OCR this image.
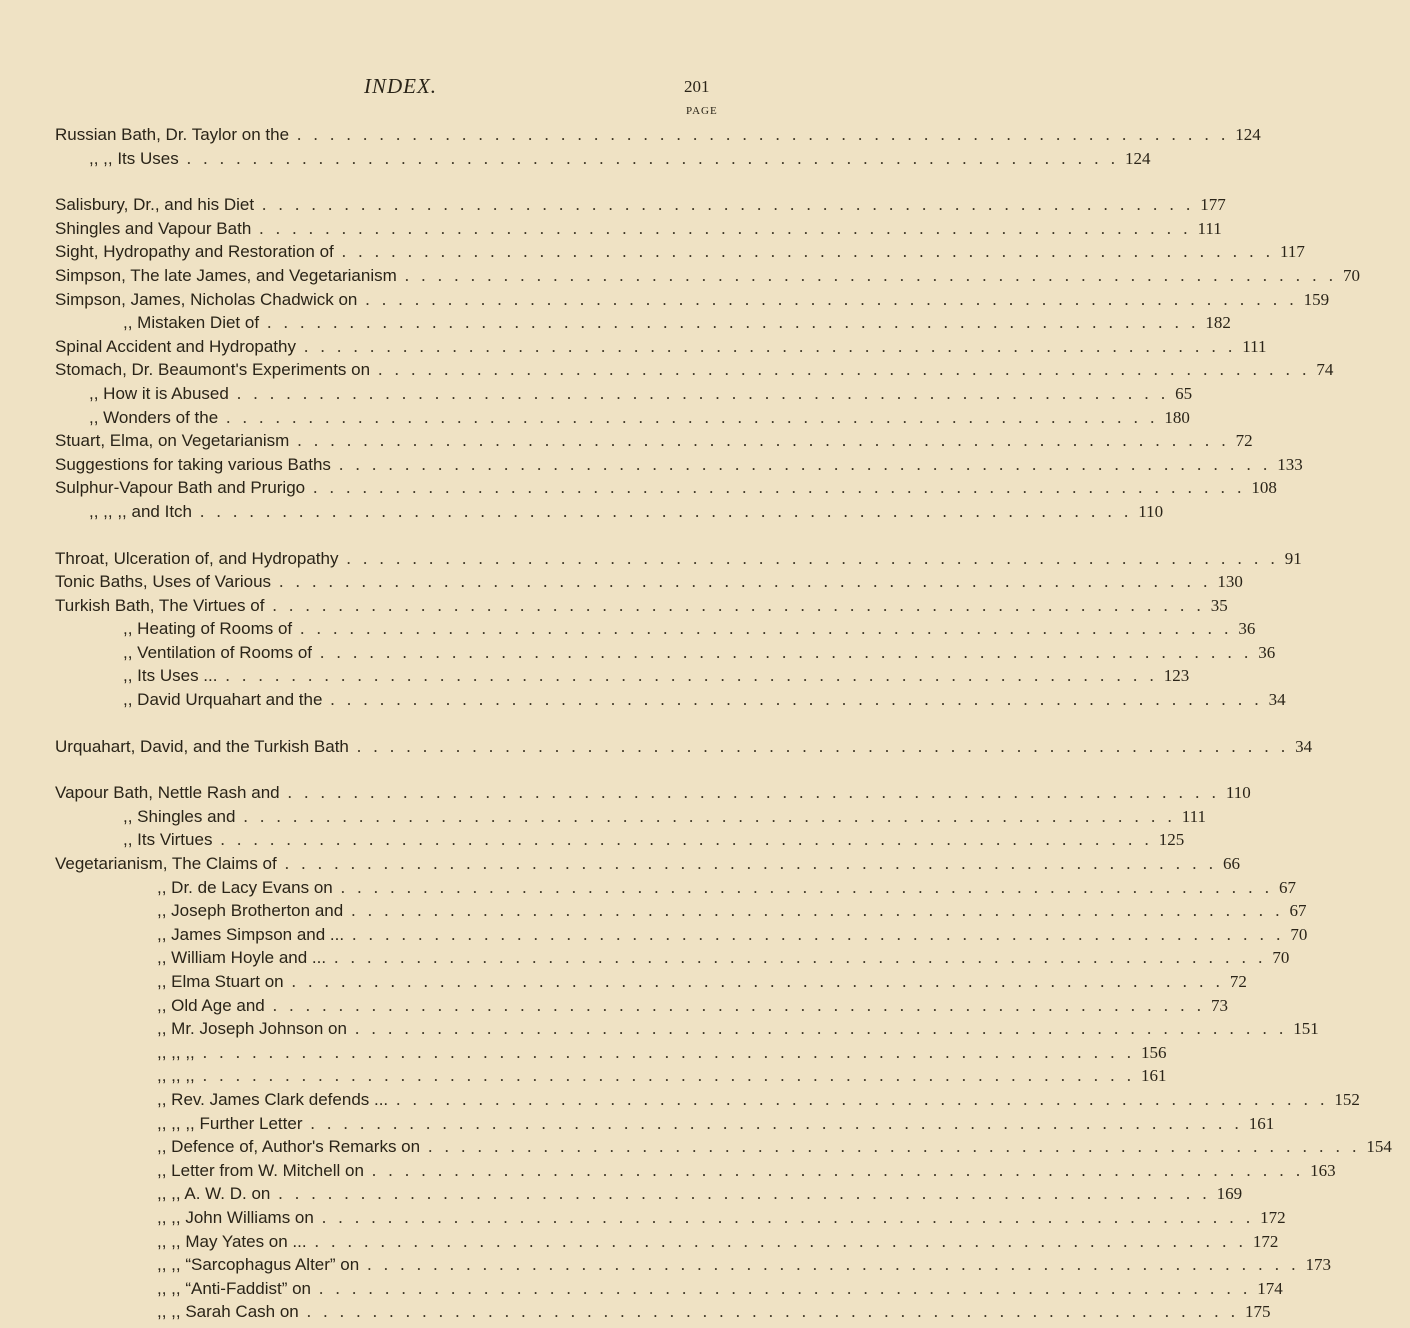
INDEX.	201
PAGE
Russian Bath, Dr. Taylor on the . . . . . . . . . . . . . . . . . . . . . . . . . . . . . . . . . . . . . . . . . . . . . . . . . . . . . . . . . 124
,, ,, Its Uses . . . . . . . . . . . . . . . . . . . . . . . . . . . . . . . . . . . . . . . . . . . . . . . . . . . . . . . . . 124
Salisbury, Dr., and his Diet . . . . . . . . . . . . . . . . . . . . . . . . . . . . . . . . . . . . . . . . . . . . . . . . . . . . . . . . . 177
Shingles and Vapour Bath . . . . . . . . . . . . . . . . . . . . . . . . . . . . . . . . . . . . . . . . . . . . . . . . . . . . . . . . . 111
Sight, Hydropathy and Restoration of . . . . . . . . . . . . . . . . . . . . . . . . . . . . . . . . . . . . . . . . . . . . . . . . . . . . . . . . . 117
Simpson, The late James, and Vegetarianism . . . . . . . . . . . . . . . . . . . . . . . . . . . . . . . . . . . . . . . . . . . . . . . . . . . . . . . . . 70
Simpson, James, Nicholas Chadwick on . . . . . . . . . . . . . . . . . . . . . . . . . . . . . . . . . . . . . . . . . . . . . . . . . . . . . . . . . 159
,, Mistaken Diet of . . . . . . . . . . . . . . . . . . . . . . . . . . . . . . . . . . . . . . . . . . . . . . . . . . . . . . . . . 182
Spinal Accident and Hydropathy . . . . . . . . . . . . . . . . . . . . . . . . . . . . . . . . . . . . . . . . . . . . . . . . . . . . . . . . . 111
Stomach, Dr. Beaumont's Experiments on . . . . . . . . . . . . . . . . . . . . . . . . . . . . . . . . . . . . . . . . . . . . . . . . . . . . . . . . . 74
,, How it is Abused . . . . . . . . . . . . . . . . . . . . . . . . . . . . . . . . . . . . . . . . . . . . . . . . . . . . . . . . . 65
,, Wonders of the . . . . . . . . . . . . . . . . . . . . . . . . . . . . . . . . . . . . . . . . . . . . . . . . . . . . . . . . . 180
Stuart, Elma, on Vegetarianism . . . . . . . . . . . . . . . . . . . . . . . . . . . . . . . . . . . . . . . . . . . . . . . . . . . . . . . . . 72
Suggestions for taking various Baths . . . . . . . . . . . . . . . . . . . . . . . . . . . . . . . . . . . . . . . . . . . . . . . . . . . . . . . . . 133
Sulphur-Vapour Bath and Prurigo . . . . . . . . . . . . . . . . . . . . . . . . . . . . . . . . . . . . . . . . . . . . . . . . . . . . . . . . . 108
,, ,, ,, and Itch . . . . . . . . . . . . . . . . . . . . . . . . . . . . . . . . . . . . . . . . . . . . . . . . . . . . . . . . . 110
Throat, Ulceration of, and Hydropathy . . . . . . . . . . . . . . . . . . . . . . . . . . . . . . . . . . . . . . . . . . . . . . . . . . . . . . . . . 91
Tonic Baths, Uses of Various . . . . . . . . . . . . . . . . . . . . . . . . . . . . . . . . . . . . . . . . . . . . . . . . . . . . . . . . . 130
Turkish Bath, The Virtues of . . . . . . . . . . . . . . . . . . . . . . . . . . . . . . . . . . . . . . . . . . . . . . . . . . . . . . . . . 35
,, Heating of Rooms of . . . . . . . . . . . . . . . . . . . . . . . . . . . . . . . . . . . . . . . . . . . . . . . . . . . . . . . . . 36
,, Ventilation of Rooms of . . . . . . . . . . . . . . . . . . . . . . . . . . . . . . . . . . . . . . . . . . . . . . . . . . . . . . . . . 36
,, Its Uses ... . . . . . . . . . . . . . . . . . . . . . . . . . . . . . . . . . . . . . . . . . . . . . . . . . . . . . . . . . 123
,, David Urquahart and the . . . . . . . . . . . . . . . . . . . . . . . . . . . . . . . . . . . . . . . . . . . . . . . . . . . . . . . . . 34
Urquahart, David, and the Turkish Bath . . . . . . . . . . . . . . . . . . . . . . . . . . . . . . . . . . . . . . . . . . . . . . . . . . . . . . . . . 34
Vapour Bath, Nettle Rash and . . . . . . . . . . . . . . . . . . . . . . . . . . . . . . . . . . . . . . . . . . . . . . . . . . . . . . . . . 110
,, Shingles and . . . . . . . . . . . . . . . . . . . . . . . . . . . . . . . . . . . . . . . . . . . . . . . . . . . . . . . . . 111
,, Its Virtues . . . . . . . . . . . . . . . . . . . . . . . . . . . . . . . . . . . . . . . . . . . . . . . . . . . . . . . . . 125
Vegetarianism, The Claims of . . . . . . . . . . . . . . . . . . . . . . . . . . . . . . . . . . . . . . . . . . . . . . . . . . . . . . . . . 66
,, Dr. de Lacy Evans on . . . . . . . . . . . . . . . . . . . . . . . . . . . . . . . . . . . . . . . . . . . . . . . . . . . . . . . . . 67
,, Joseph Brotherton and . . . . . . . . . . . . . . . . . . . . . . . . . . . . . . . . . . . . . . . . . . . . . . . . . . . . . . . . . 67
,, James Simpson and ... . . . . . . . . . . . . . . . . . . . . . . . . . . . . . . . . . . . . . . . . . . . . . . . . . . . . . . . . . 70
,, William Hoyle and ... . . . . . . . . . . . . . . . . . . . . . . . . . . . . . . . . . . . . . . . . . . . . . . . . . . . . . . . . . 70
,, Elma Stuart on . . . . . . . . . . . . . . . . . . . . . . . . . . . . . . . . . . . . . . . . . . . . . . . . . . . . . . . . . 72
,, Old Age and . . . . . . . . . . . . . . . . . . . . . . . . . . . . . . . . . . . . . . . . . . . . . . . . . . . . . . . . . 73
,, Mr. Joseph Johnson on . . . . . . . . . . . . . . . . . . . . . . . . . . . . . . . . . . . . . . . . . . . . . . . . . . . . . . . . . 151
,, ,, ,, . . . . . . . . . . . . . . . . . . . . . . . . . . . . . . . . . . . . . . . . . . . . . . . . . . . . . . . . . 156
,, ,, ,, . . . . . . . . . . . . . . . . . . . . . . . . . . . . . . . . . . . . . . . . . . . . . . . . . . . . . . . . . 161
,, Rev. James Clark defends ... . . . . . . . . . . . . . . . . . . . . . . . . . . . . . . . . . . . . . . . . . . . . . . . . . . . . . . . . . 152
,, ,, ,, Further Letter . . . . . . . . . . . . . . . . . . . . . . . . . . . . . . . . . . . . . . . . . . . . . . . . . . . . . . . . . 161
,, Defence of, Author's Remarks on . . . . . . . . . . . . . . . . . . . . . . . . . . . . . . . . . . . . . . . . . . . . . . . . . . . . . . . . . 154
,, Letter from W. Mitchell on . . . . . . . . . . . . . . . . . . . . . . . . . . . . . . . . . . . . . . . . . . . . . . . . . . . . . . . . . 163
,, ,, A. W. D. on . . . . . . . . . . . . . . . . . . . . . . . . . . . . . . . . . . . . . . . . . . . . . . . . . . . . . . . . . 169
,, ,, John Williams on . . . . . . . . . . . . . . . . . . . . . . . . . . . . . . . . . . . . . . . . . . . . . . . . . . . . . . . . . 172
,, ,, May Yates on ... . . . . . . . . . . . . . . . . . . . . . . . . . . . . . . . . . . . . . . . . . . . . . . . . . . . . . . . . . 172
,, ,, “Sarcophagus Alter” on . . . . . . . . . . . . . . . . . . . . . . . . . . . . . . . . . . . . . . . . . . . . . . . . . . . . . . . . . 173
,, ,, “Anti-Faddist” on . . . . . . . . . . . . . . . . . . . . . . . . . . . . . . . . . . . . . . . . . . . . . . . . . . . . . . . . . 174
,, ,, Sarah Cash on . . . . . . . . . . . . . . . . . . . . . . . . . . . . . . . . . . . . . . . . . . . . . . . . . . . . . . . . . 175
